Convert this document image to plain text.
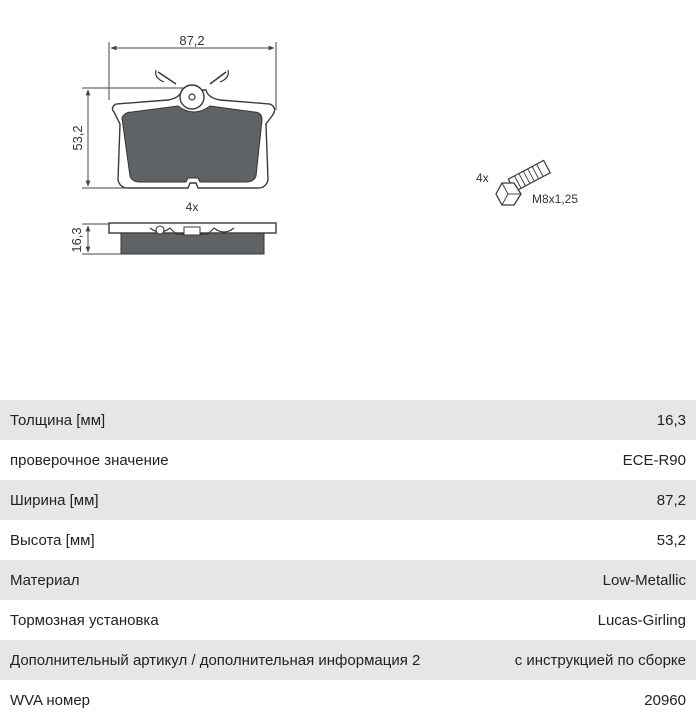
87,2
53,2
4x
16,3
4x
M8x1,25
Толщина [мм]	16,3
проверочное значение	ECE-R90
Ширина [мм]	87,2
Высота [мм]	53,2
Материал	Low-Metallic
Тормозная установка	Lucas-Girling
Дополнительный артикул / дополнительная информация 2	с инструкцией по сборке
WVA номер	20960
